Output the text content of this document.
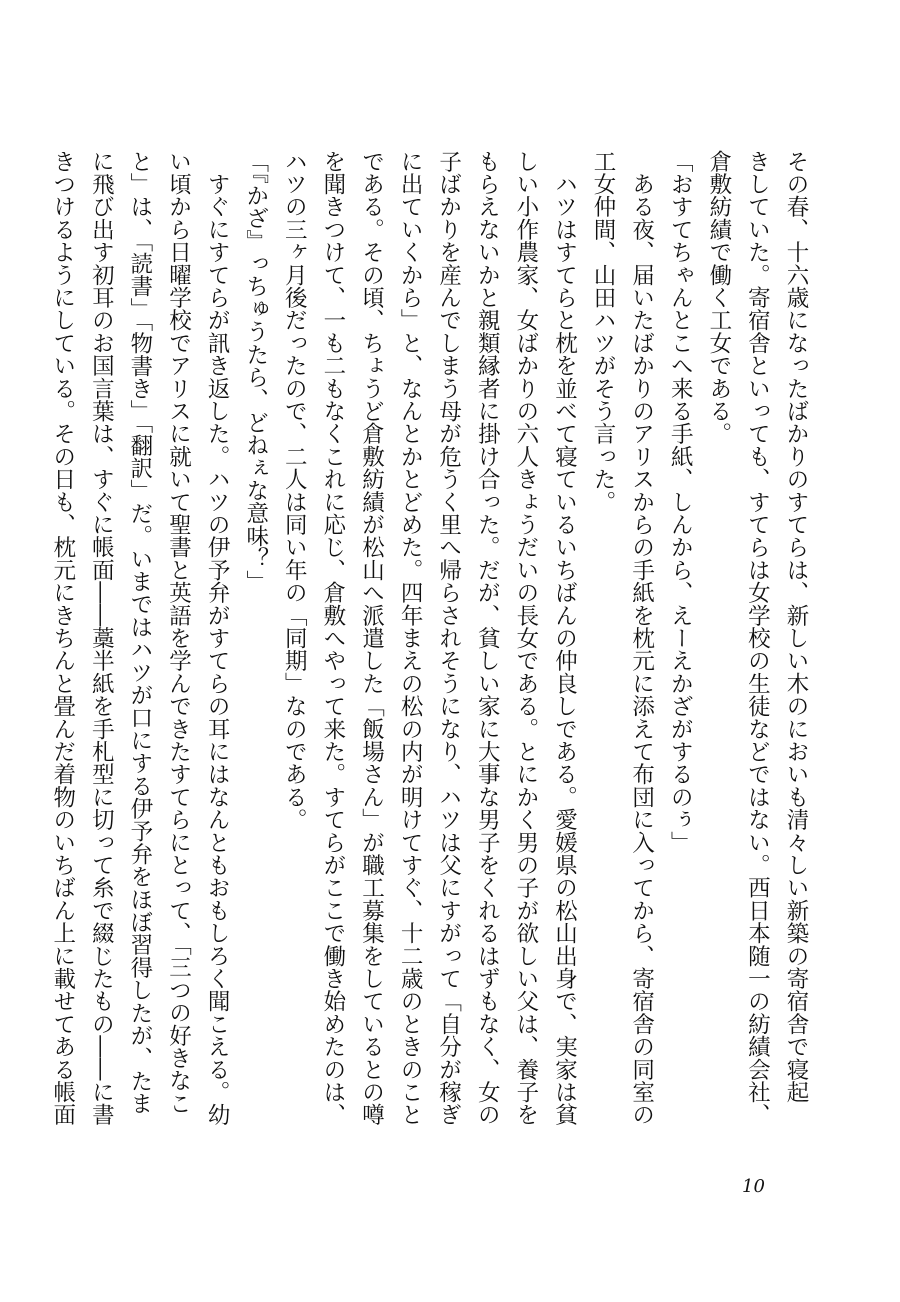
その春、十六歳になったばかりのすてらは、新しい木のにおいも清々しい新築の寄宿舎で寝起

きしていた。寄宿舎といっても、すてらは女学校の生徒などではない。西日本随一の紡績会社、

倉敷紡績で働く工女である。

「おすてちゃんとこへ来る手紙、しんから、えーえかざがするのぅ」

　ある夜、届いたばかりのアリスからの手紙を枕元に添えて布団に入ってから、寄宿舎の同室の

工女仲間、山田ハツがそう言った。

　ハツはすてらと枕を並べて寝ているいちばんの仲良しである。愛媛県の松山出身で、実家は貧

しい小作農家、女ばかりの六人きょうだいの長女である。とにかく男の子が欲しい父は、養子を

もらえないかと親類縁者に掛け合った。だが、貧しい家に大事な男子をくれるはずもなく、女の

子ばかりを産んでしまう母が危うく里へ帰らされそうになり、ハツは父にすがって「自分が稼ぎ

に出ていくから」と、なんとかとどめた。四年まえの松の内が明けてすぐ、十二歳のときのこと

である。その頃、ちょうど倉敷紡績が松山へ派遣した「飯場さん」が職工募集をしているとの噂

を聞きつけて、一も二もなくこれに応じ、倉敷へやって来た。すてらがここで働き始めたのは、

ハツの三ヶ月後だったので、二人は同い年の「同期」なのである。

「『かざ』っちゅうたら、どねぇな意味？」

　すぐにすてらが訊き返した。ハツの伊予弁がすてらの耳にはなんともおもしろく聞こえる。幼

い頃から日曜学校でアリスに就いて聖書と英語を学んできたすてらにとって、「三つの好きなこ

と」は、「読書」「物書き」「翻訳」だ。いまではハツが口にする伊予弁をほぼ習得したが、たま

に飛び出す初耳のお国言葉は、すぐに帳面――藁半紙を手札型に切って糸で綴じたもの――に書

きつけるようにしている。その日も、枕元にきちんと畳んだ着物のいちばん上に載せてある帳面

10
